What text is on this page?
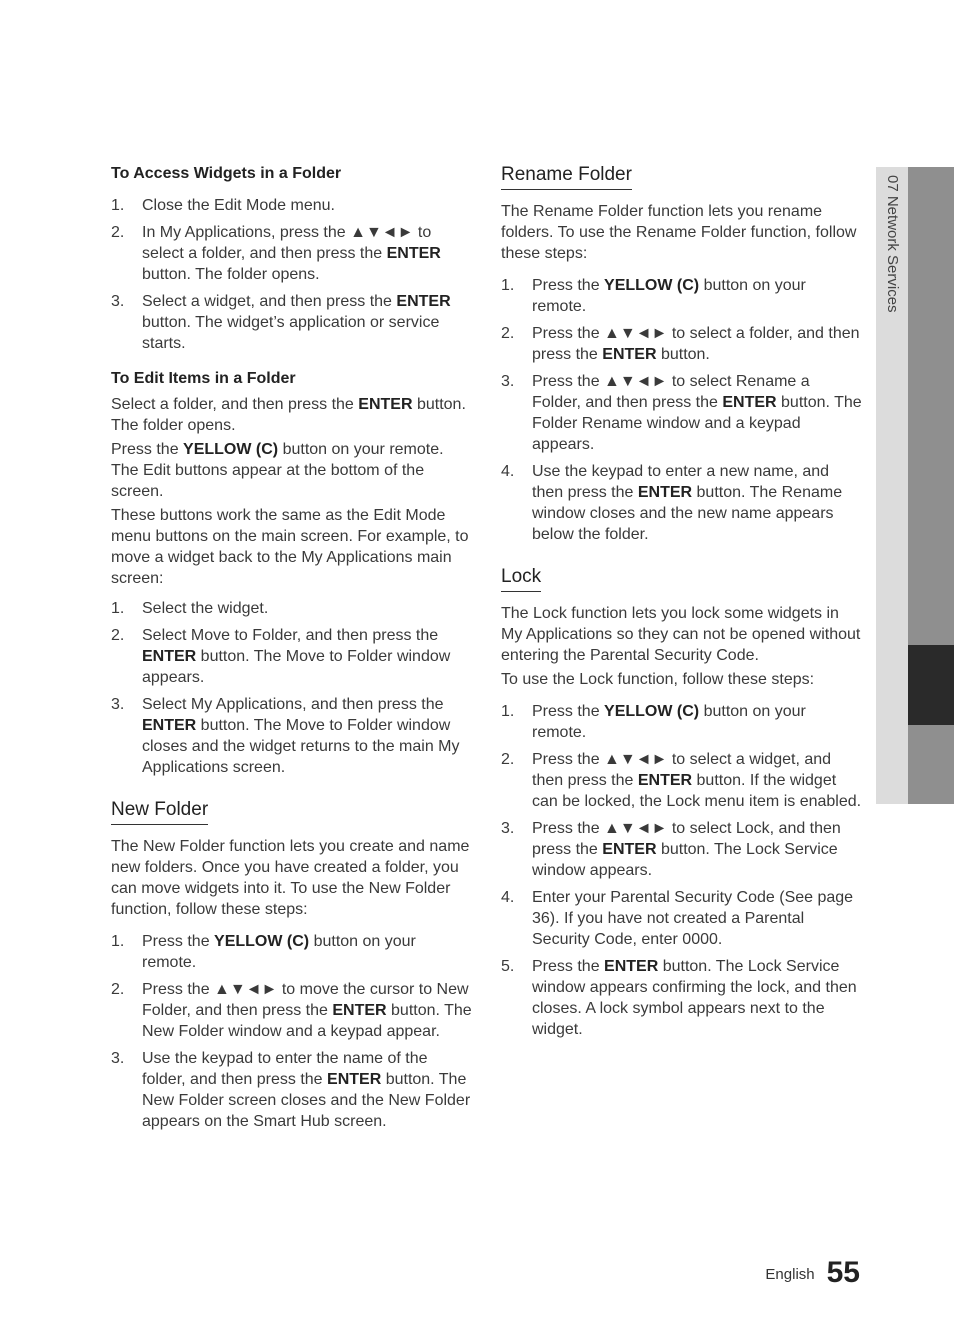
07 Network Services
To Access Widgets in a Folder
1. Close the Edit Mode menu.
2. In My Applications, press the ▲▼◄► to select a folder, and then press the ENTER button. The folder opens.
3. Select a widget, and then press the ENTER button. The widget’s application or service starts.
To Edit Items in a Folder

Select a folder, and then press the ENTER button. The folder opens.

Press the YELLOW (C) button on your remote. The Edit buttons appear at the bottom of the screen.

These buttons work the same as the Edit Mode menu buttons on the main screen. For example, to move a widget back to the My Applications main screen:

1. Select the widget.
2. Select Move to Folder, and then press the ENTER button. The Move to Folder window appears.
3. Select My Applications, and then press the ENTER button. The Move to Folder window closes and the widget returns to the main My Applications screen.
New Folder

The New Folder function lets you create and name new folders. Once you have created a folder, you can move widgets into it. To use the New Folder function, follow these steps:

1. Press the YELLOW (C) button on your remote.
2. Press the ▲▼◄► to move the cursor to New Folder, and then press the ENTER button. The New Folder window and a keypad appear.
3. Use the keypad to enter the name of the folder, and then press the ENTER button. The New Folder screen closes and the New Folder appears on the Smart Hub screen.
Rename Folder

The Rename Folder function lets you rename folders. To use the Rename Folder function, follow these steps:

1. Press the YELLOW (C) button on your remote.
2. Press the ▲▼◄► to select a folder, and then press the ENTER button.
3. Press the ▲▼◄► to select Rename a Folder, and then press the ENTER button. The Folder Rename window and a keypad appears.
4. Use the keypad to enter a new name, and then press the ENTER button. The Rename window closes and the new name appears below the folder.
Lock

The Lock function lets you lock some widgets in My Applications so they can not be opened without entering the Parental Security Code.

To use the Lock function, follow these steps:

1. Press the YELLOW (C) button on your remote.
2. Press the ▲▼◄► to select a widget, and then press the ENTER button. If the widget can be locked, the Lock menu item is enabled.
3. Press the ▲▼◄► to select Lock, and then press the ENTER button. The Lock Service window appears.
4. Enter your Parental Security Code (See page 36). If you have not created a Parental Security Code, enter 0000.
5. Press the ENTER button. The Lock Service window appears confirming the lock, and then closes. A lock symbol appears next to the widget.
English 55
